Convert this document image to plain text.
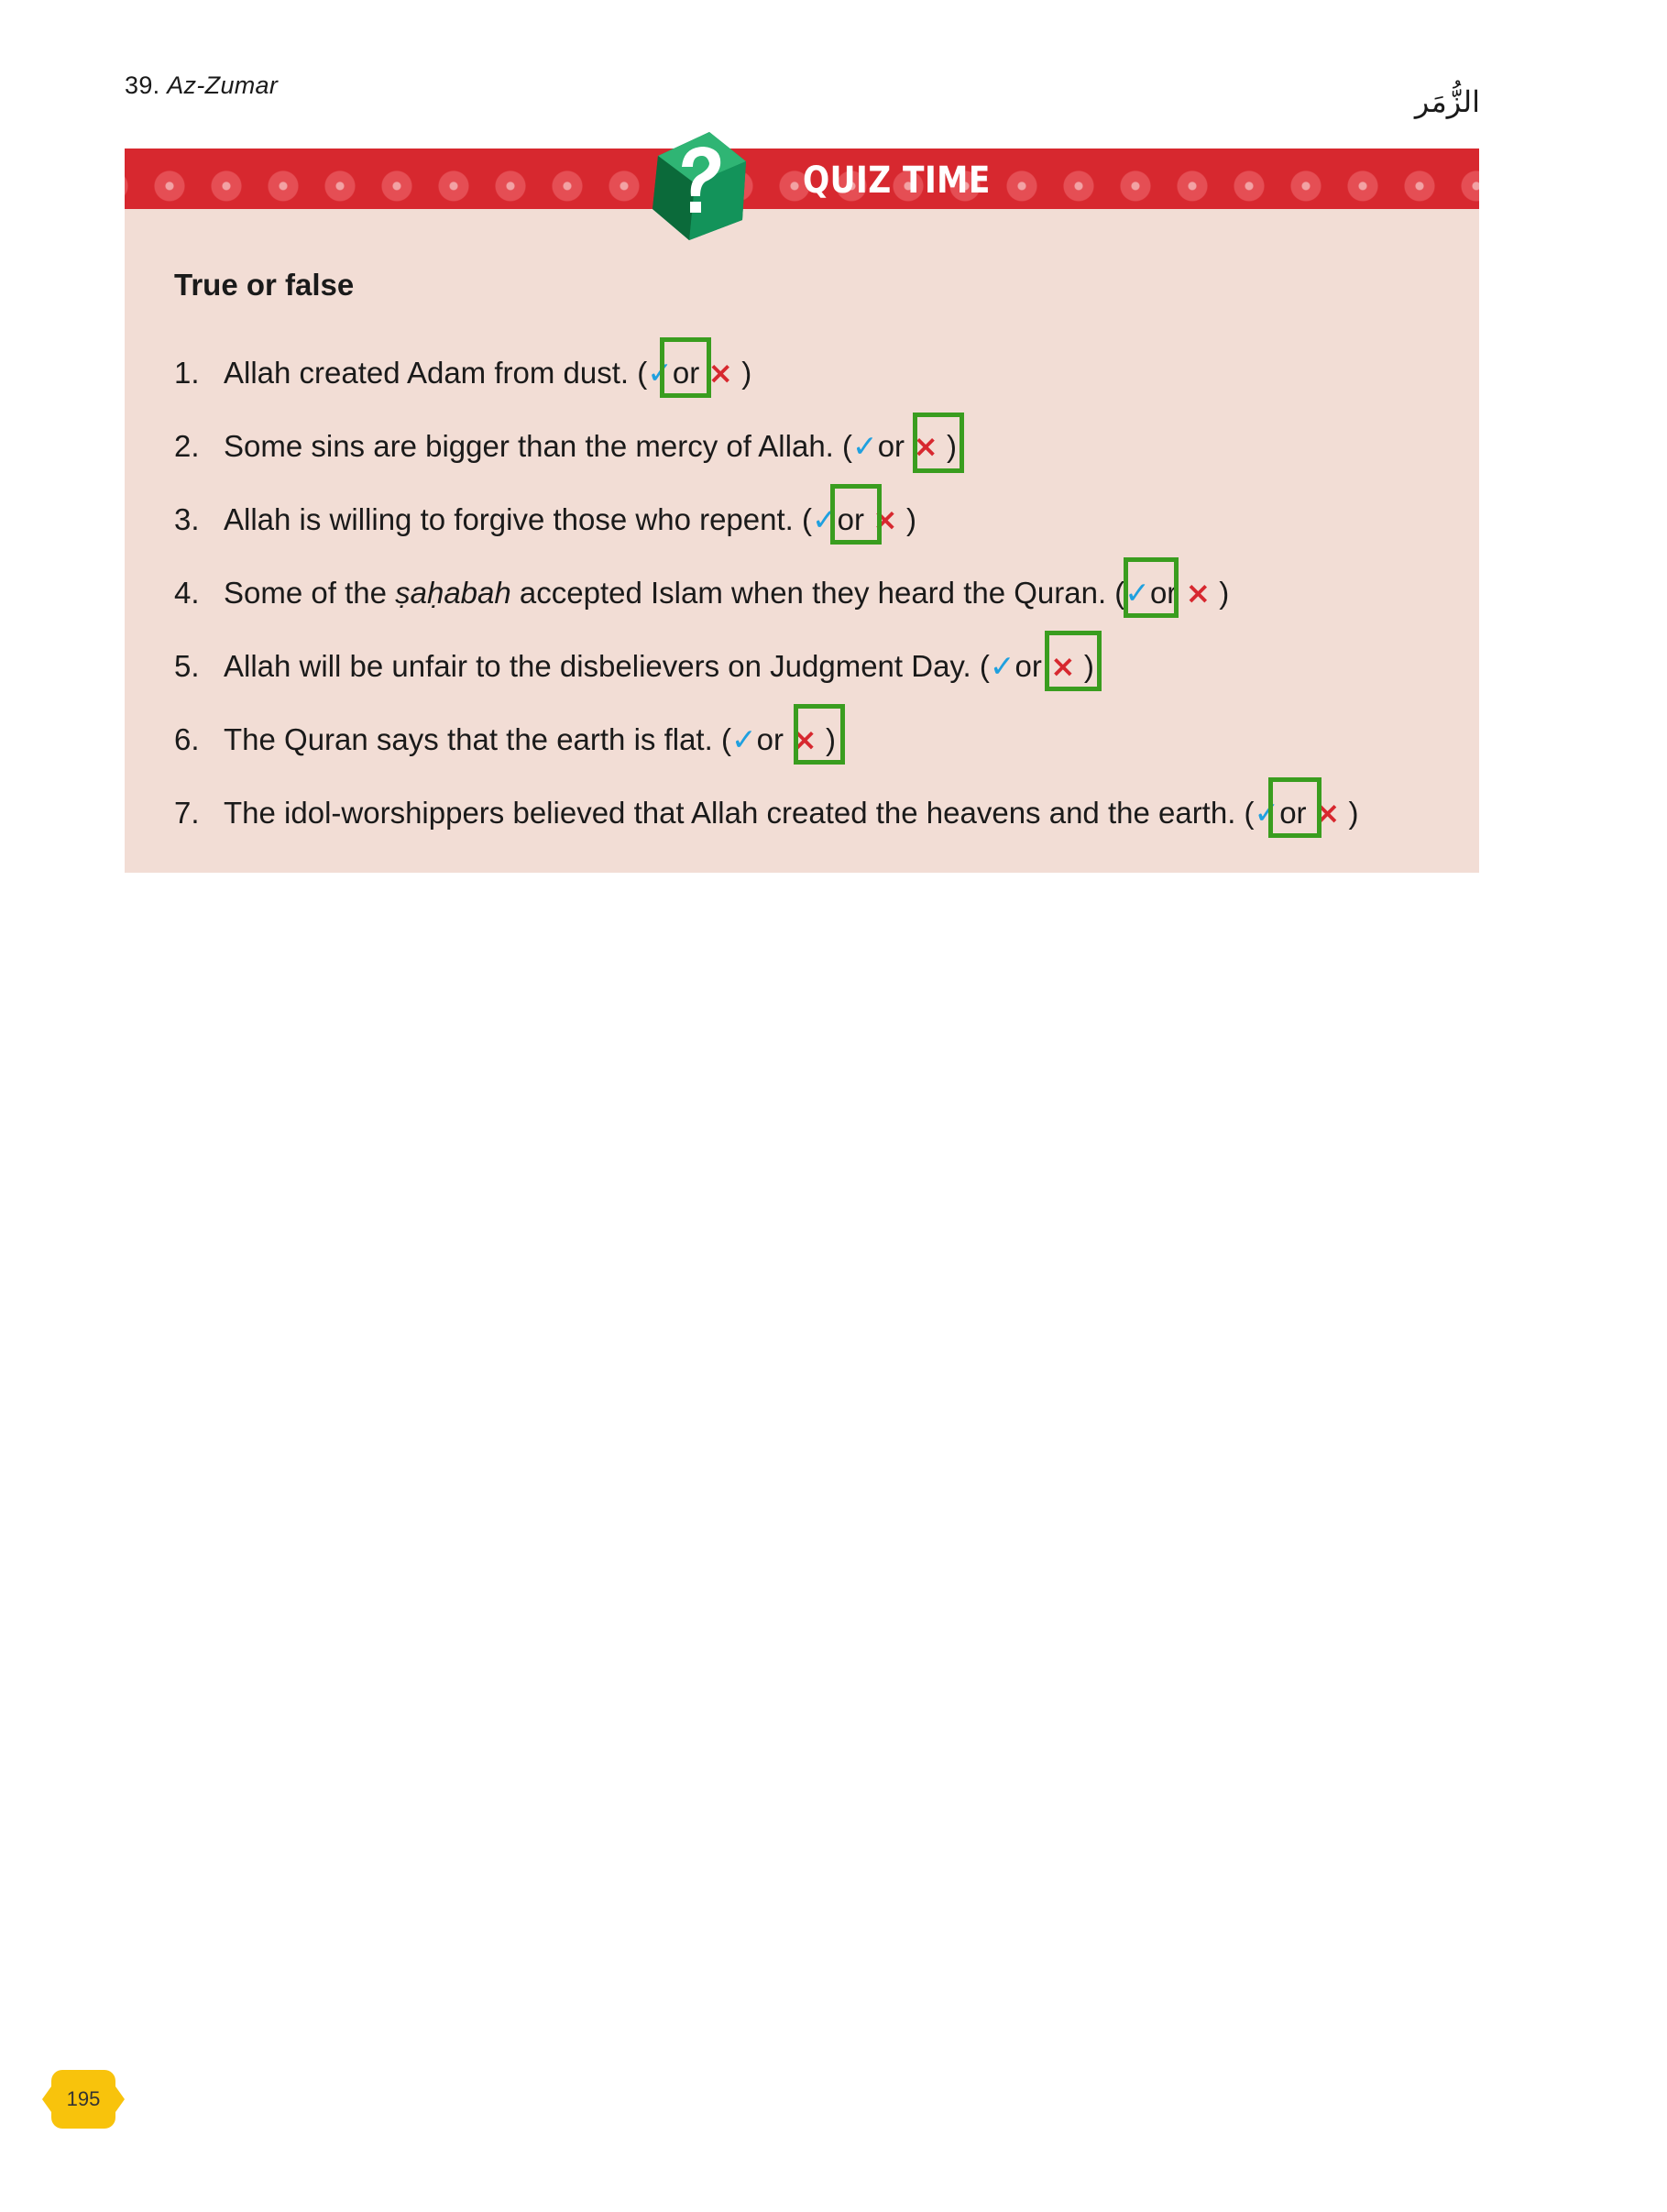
39. Az-Zumar	الزُّمَر
QUIZ TIME
True or false
1. Allah created Adam from dust. (✓or × )
2. Some sins are bigger than the mercy of Allah. (✓or × )
3. Allah is willing to forgive those who repent. (✓or × )
4. Some of the ṣaḥabah accepted Islam when they heard the Quran. (✓or × )
5. Allah will be unfair to the disbelievers on Judgment Day. (✓or × )
6. The Quran says that the earth is flat. (✓or × )
7. The idol-worshippers believed that Allah created the heavens and the earth. (✓or × )
195
